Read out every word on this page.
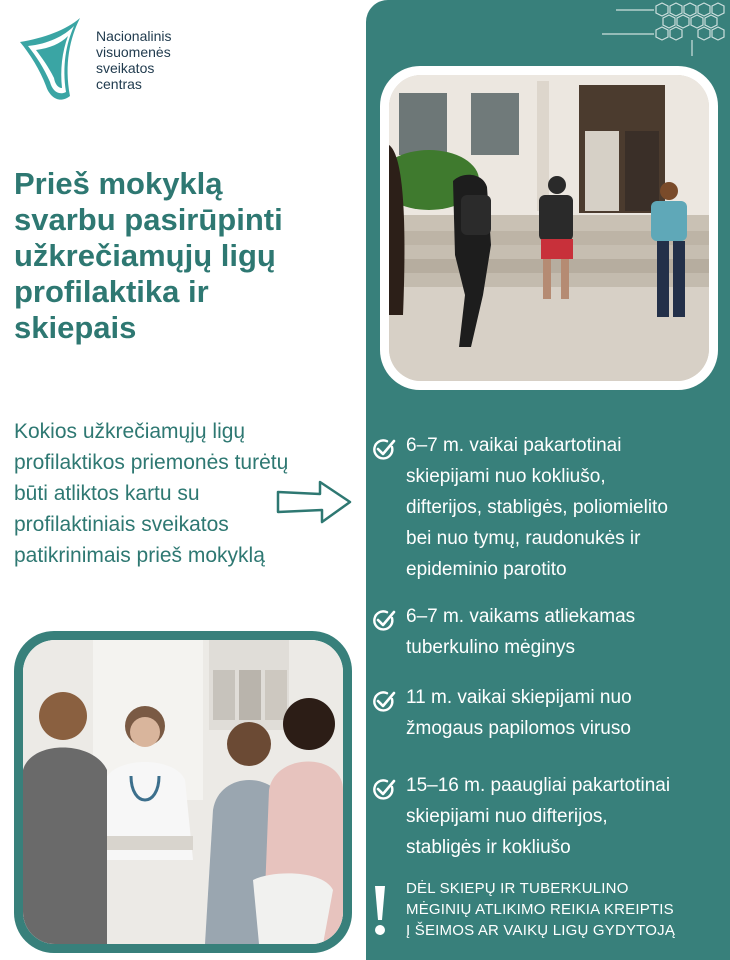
Nacionalinis
visuomenės
sveikatos
centras

Prieš mokyklą
svarbu pasirūpinti
užkrečiamųjų ligų
profilaktika ir
skiepais

Kokios užkrečiamųjų ligų
profilaktikos priemonės turėtų
būti atliktos kartu su
profilaktiniais sveikatos
patikrinimais prieš mokyklą

6–7 m. vaikai pakartotinai
skiepijami nuo kokliušo,
difterijos, stabligės, poliomielito
bei nuo tymų, raudonukės ir
epideminio parotito

6–7 m. vaikams atliekamas
tuberkulino mėginys

11 m. vaikai skiepijami nuo
žmogaus papilomos viruso

15–16 m. paaugliai pakartotinai
skiepijami nuo difterijos,
stabligės ir kokliušo

DĖL SKIEPŲ IR TUBERKULINO
MĖGINIŲ ATLIKIMO REIKIA KREIPTIS
Į ŠEIMOS AR VAIKŲ LIGŲ GYDYTOJĄ
